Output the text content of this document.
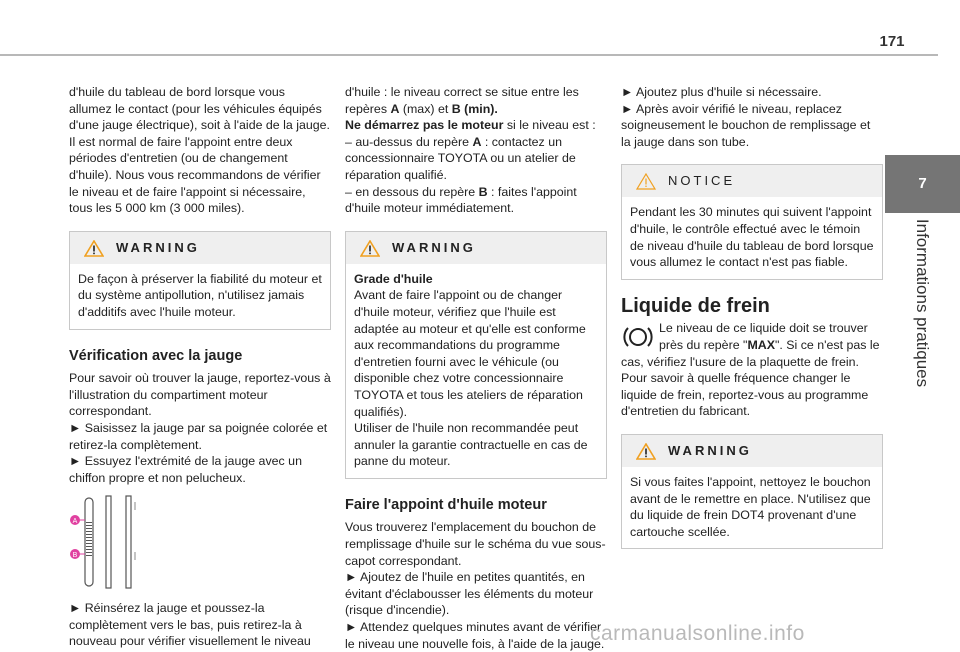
171
7
Informations pratiques

d'huile du tableau de bord lorsque vous allumez le contact (pour les véhicules équipés d'une jauge électrique), soit à l'aide de la jauge.

Il est normal de faire l'appoint entre deux périodes d'entretien (ou de changement d'huile). Nous vous recommandons de vérifier le niveau et de faire l'appoint si nécessaire, tous les 5 000 km (3 000 miles).

WARNING

De façon à préserver la fiabilité du moteur et du système antipollution, n'utilisez jamais d'additifs avec l'huile moteur.

Vérification avec la jauge

Pour savoir où trouver la jauge, reportez-vous à l'illustration du compartiment moteur correspondant.

► Saisissez la jauge par sa poignée colorée et retirez-la complètement.

► Essuyez l'extrémité de la jauge avec un chiffon propre et non pelucheux.

A
B

► Réinsérez la jauge et poussez-la complètement vers le bas, puis retirez-la à nouveau pour vérifier visuellement le niveau

d'huile : le niveau correct se situe entre les repères A (max) et B (min).

Ne démarrez pas le moteur si le niveau est :

– au-dessus du repère A : contactez un concessionnaire TOYOTA ou un atelier de réparation qualifié.

– en dessous du repère B : faites l'appoint d'huile moteur immédiatement.

WARNING

Grade d'huile

Avant de faire l'appoint ou de changer d'huile moteur, vérifiez que l'huile est adaptée au moteur et qu'elle est conforme aux recommandations du programme d'entretien fourni avec le véhicule (ou disponible chez votre concessionnaire TOYOTA et tous les ateliers de réparation qualifiés).

Utiliser de l'huile non recommandée peut annuler la garantie contractuelle en cas de panne du moteur.

Faire l'appoint d'huile moteur

Vous trouverez l'emplacement du bouchon de remplissage d'huile sur le schéma du vue sous-capot correspondant.

► Ajoutez de l'huile en petites quantités, en évitant d'éclabousser les éléments du moteur (risque d'incendie).

► Attendez quelques minutes avant de vérifier le niveau une nouvelle fois, à l'aide de la jauge.

► Ajoutez plus d'huile si nécessaire.

► Après avoir vérifié le niveau, replacez soigneusement le bouchon de remplissage et la jauge dans son tube.

NOTICE

Pendant les 30 minutes qui suivent l'appoint d'huile, le contrôle effectué avec le témoin de niveau d'huile du tableau de bord lorsque vous allumez le contact n'est pas fiable.

Liquide de frein

Le niveau de ce liquide doit se trouver près du repère "MAX". Si ce n'est pas le cas, vérifiez l'usure de la plaquette de frein.

Pour savoir à quelle fréquence changer le liquide de frein, reportez-vous au programme d'entretien du fabricant.

WARNING

Si vous faites l'appoint, nettoyez le bouchon avant de le remettre en place. N'utilisez que du liquide de frein DOT4 provenant d'une cartouche scellée.

carmanualsonline.info
